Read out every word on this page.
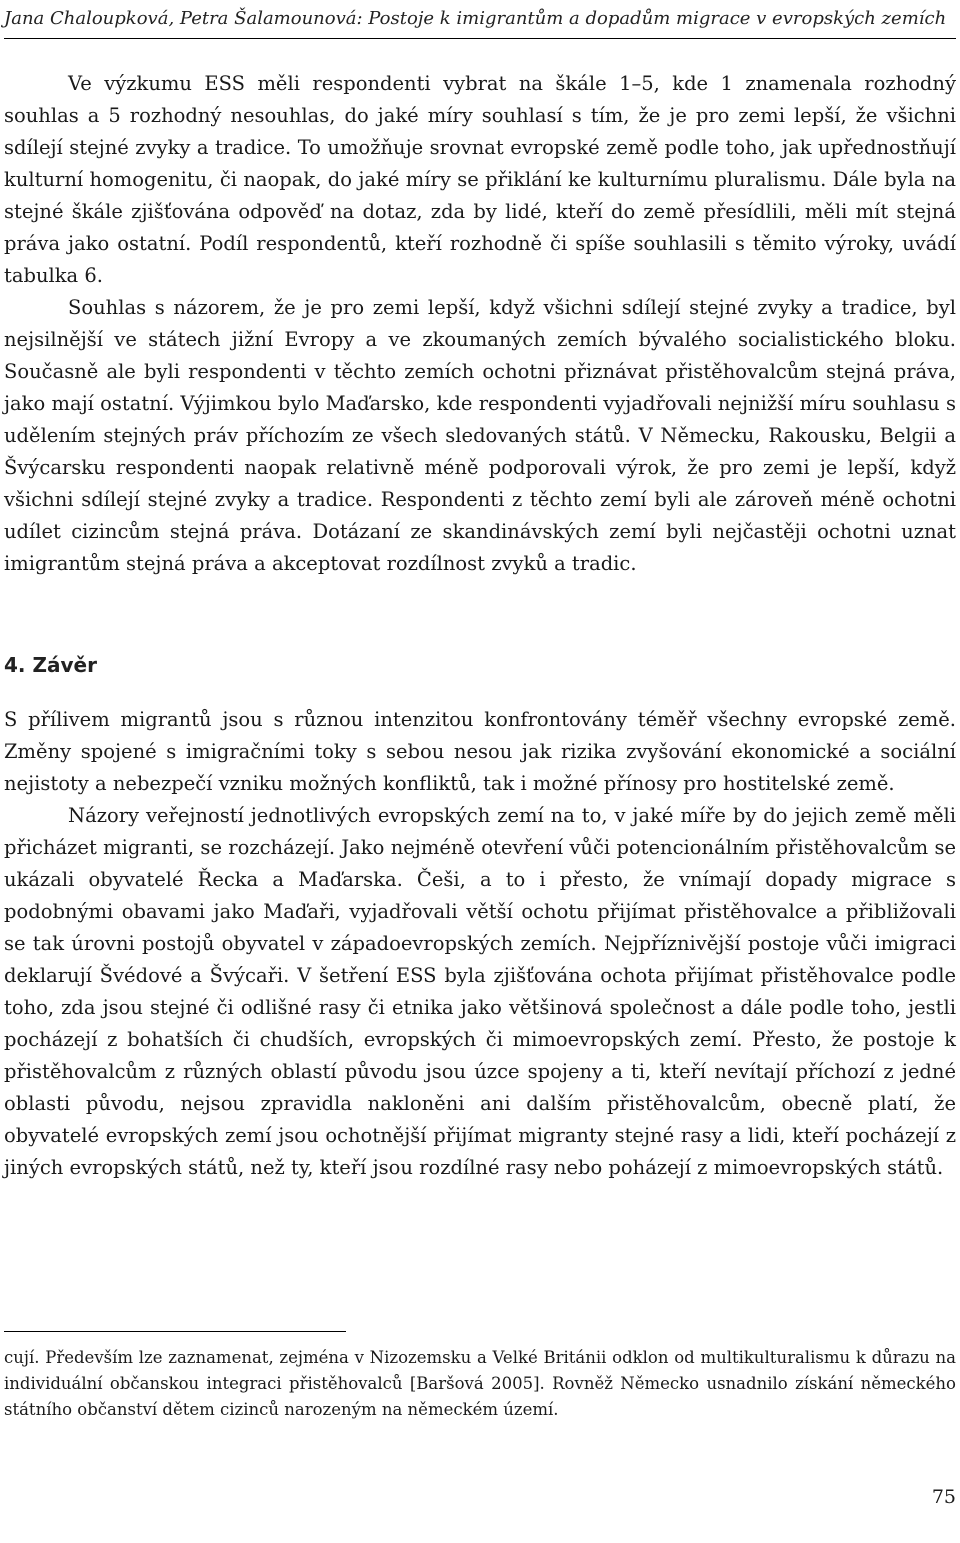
Jana Chaloupková, Petra Šalamounová: Postoje k imigrantům a dopadům migrace v evropských zemích

Ve výzkumu ESS měli respondenti vybrat na škále 1–5, kde 1 znamenala rozhodný souhlas a 5 rozhodný nesouhlas, do jaké míry souhlasí s tím, že je pro zemi lepší, že všichni sdílejí stejné zvyky a tradice. To umožňuje srovnat evropské země podle toho, jak upřednostňují kulturní homogenitu, či naopak, do jaké míry se přiklání ke kulturnímu pluralismu. Dále byla na stejné škále zjišťována odpověď na dotaz, zda by lidé, kteří do země přesídlili, měli mít stejná práva jako ostatní. Podíl respondentů, kteří rozhodně či spíše souhlasili s těmito výroky, uvádí tabulka 6.

Souhlas s názorem, že je pro zemi lepší, když všichni sdílejí stejné zvyky a tradice, byl nejsilnější ve státech jižní Evropy a ve zkoumaných zemích bývalého socialistického bloku. Současně ale byli respondenti v těchto zemích ochotni přiznávat přistěhovalcům stejná práva, jako mají ostatní. Výjimkou bylo Maďarsko, kde respondenti vyjadřovali nejnižší míru souhlasu s udělením stejných práv příchozím ze všech sledovaných států. V Německu, Rakousku, Belgii a Švýcarsku respondenti naopak relativně méně podporovali výrok, že pro zemi je lepší, když všichni sdílejí stejné zvyky a tradice. Respondenti z těchto zemí byli ale zároveň méně ochotni udílet cizincům stejná práva. Dotázaní ze skandinávských zemí byli nejčastěji ochotni uznat imigrantům stejná práva a akceptovat rozdílnost zvyků a tradic.

4. Závěr

S přílivem migrantů jsou s různou intenzitou konfrontovány téměř všechny evropské země. Změny spojené s imigračními toky s sebou nesou jak rizika zvyšování ekonomické a sociální nejistoty a nebezpečí vzniku možných konfliktů, tak i možné přínosy pro hostitelské země.

Názory veřejností jednotlivých evropských zemí na to, v jaké míře by do jejich země měli přicházet migranti, se rozcházejí. Jako nejméně otevření vůči potencionálním přistěhovalcům se ukázali obyvatelé Řecka a Maďarska. Češi, a to i přesto, že vnímají dopady migrace s podobnými obavami jako Maďaři, vyjadřovali větší ochotu přijímat přistěhovalce a přibližovali se tak úrovni postojů obyvatel v západoevropských zemích. Nejpříznivější postoje vůči imigraci deklarují Švédové a Švýcaři. V šetření ESS byla zjišťována ochota přijímat přistěhovalce podle toho, zda jsou stejné či odlišné rasy či etnika jako většinová společnost a dále podle toho, jestli pocházejí z bohatších či chudších, evropských či mimoevropských zemí. Přesto, že postoje k přistěhovalcům z různých oblastí původu jsou úzce spojeny a ti, kteří nevítají příchozí z jedné oblasti původu, nejsou zpravidla nakloněni ani dalším přistěhovalcům, obecně platí, že obyvatelé evropských zemí jsou ochotnější přijímat migranty stejné rasy a lidi, kteří pocházejí z jiných evropských států, než ty, kteří jsou rozdílné rasy nebo poházejí z mimoevropských států.

cují. Především lze zaznamenat, zejména v Nizozemsku a Velké Británii odklon od multikulturalismu k důrazu na individuální občanskou integraci přistěhovalců [Baršová 2005]. Rovněž Německo usnadnilo získání německého státního občanství dětem cizinců narozeným na německém území.

75
